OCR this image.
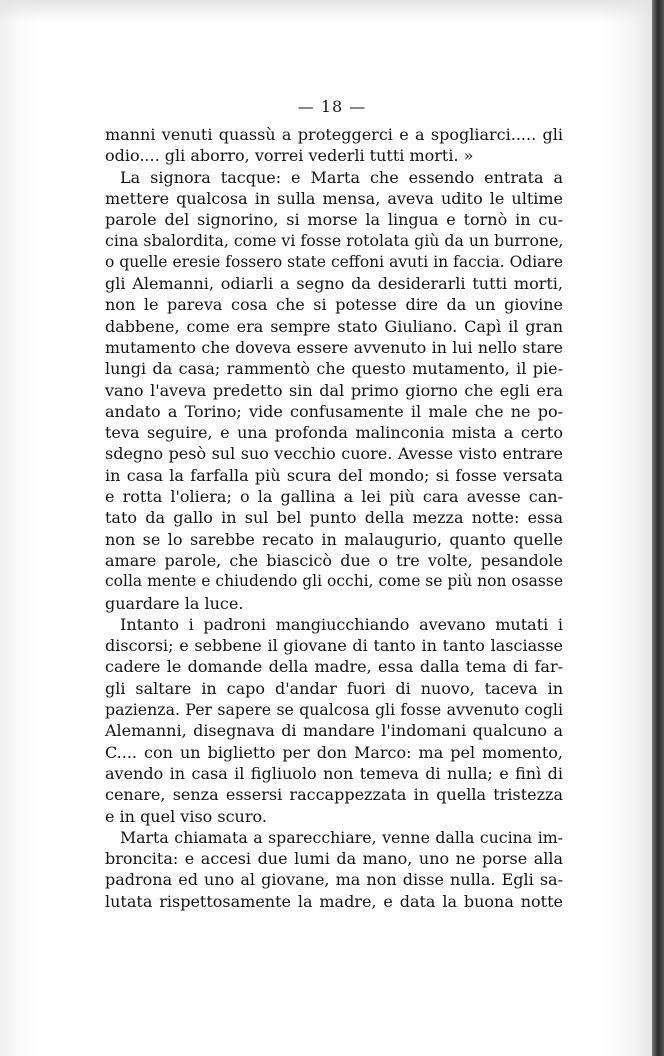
— 18 —
manni venuti quassù a proteggerci e a spogliarci..... gli
odio.... gli aborro, vorrei vederli tutti morti. »
La signora tacque: e Marta che essendo entrata a
mettere qualcosa in sulla mensa, aveva udito le ultime
parole del signorino, si morse la lingua e tornò in cu-
cina sbalordita, come vi fosse rotolata giù da un burrone,
o quelle eresie fossero state ceffoni avuti in faccia. Odiare
gli Alemanni, odiarli a segno da desiderarli tutti morti,
non le pareva cosa che si potesse dire da un giovine
dabbene, come era sempre stato Giuliano. Capì il gran
mutamento che doveva essere avvenuto in lui nello stare
lungi da casa; rammentò che questo mutamento, il pie-
vano l'aveva predetto sin dal primo giorno che egli era
andato a Torino; vide confusamente il male che ne po-
teva seguire, e una profonda malinconia mista a certo
sdegno pesò sul suo vecchio cuore. Avesse visto entrare
in casa la farfalla più scura del mondo; si fosse versata
e rotta l'oliera; o la gallina a lei più cara avesse can-
tato da gallo in sul bel punto della mezza notte: essa
non se lo sarebbe recato in malaugurio, quanto quelle
amare parole, che biascicò due o tre volte, pesandole
colla mente e chiudendo gli occhi, come se più non osasse
guardare la luce.
Intanto i padroni mangiucchiando avevano mutati i
discorsi; e sebbene il giovane di tanto in tanto lasciasse
cadere le domande della madre, essa dalla tema di far-
gli saltare in capo d'andar fuori di nuovo, taceva in
pazienza. Per sapere se qualcosa gli fosse avvenuto cogli
Alemanni, disegnava di mandare l'indomani qualcuno a
C.... con un biglietto per don Marco: ma pel momento,
avendo in casa il figliuolo non temeva di nulla; e finì di
cenare, senza essersi raccappezzata in quella tristezza
e in quel viso scuro.
Marta chiamata a sparecchiare, venne dalla cucina im-
broncita: e accesi due lumi da mano, uno ne porse alla
padrona ed uno al giovane, ma non disse nulla. Egli sa-
lutata rispettosamente la madre, e data la buona notte
